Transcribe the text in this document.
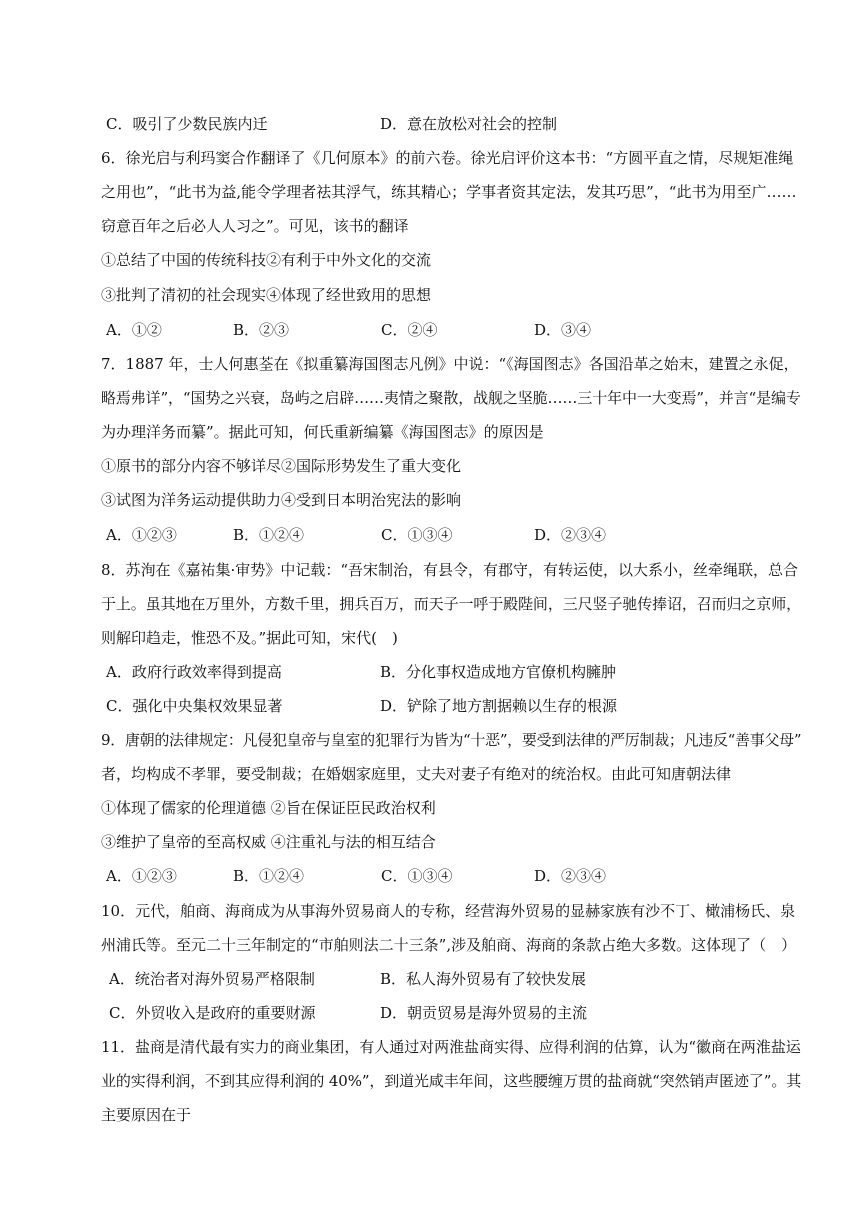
C．吸引了少数民族内迁	D．意在放松对社会的控制
6．徐光启与利玛窦合作翻译了《几何原本》的前六卷。徐光启评价这本书：“方圆平直之情，尽规矩准绳
之用也”，“此书为益,能令学理者祛其浮气，练其精心；学事者资其定法，发其巧思”，“此书为用至广……
窃意百年之后必人人习之”。可见，该书的翻译
①总结了中国的传统科技②有利于中外文化的交流
③批判了清初的社会现实④体现了经世致用的思想
A．①②	B．②③	C．②④	D．③④
7．1887 年，士人何惠荃在《拟重纂海国图志凡例》中说：“《海国图志》各国沿革之始末，建置之永促，
略焉弗详”，“国势之兴衰，岛屿之启辟……夷情之聚散，战舰之坚脆……三十年中一大变焉”，并言“是编专
为办理洋务而纂”。据此可知，何氏重新编纂《海国图志》的原因是
①原书的部分内容不够详尽②国际形势发生了重大变化
③试图为洋务运动提供助力④受到日本明治宪法的影响
A．①②③	B．①②④	C．①③④	D．②③④
8．苏洵在《嘉祐集·审势》中记载：“吾宋制治，有县令，有郡守，有转运使，以大系小，丝牵绳联，总合
于上。虽其地在万里外，方数千里，拥兵百万，而天子一呼于殿陛间，三尺竖子驰传捧诏，召而归之京师，
则解印趋走，惟恐不及。”据此可知，宋代(　)
A．政府行政效率得到提高	B．分化事权造成地方官僚机构臃肿
C．强化中央集权效果显著	D．铲除了地方割据赖以生存的根源
9．唐朝的法律规定：凡侵犯皇帝与皇室的犯罪行为皆为“十恶”，要受到法律的严厉制裁；凡违反“善事父母”
者，均构成不孝罪，要受制裁；在婚姻家庭里，丈夫对妻子有绝对的统治权。由此可知唐朝法律
①体现了儒家的伦理道德 ②旨在保证臣民政治权利
③维护了皇帝的至高权威 ④注重礼与法的相互结合
A．①②③	B．①②④	C．①③④	D．②③④
10．元代，舶商、海商成为从事海外贸易商人的专称，经营海外贸易的显赫家族有沙不丁、橄浦杨氏、泉
州浦氏等。至元二十三年制定的“市舶则法二十三条”,涉及舶商、海商的条款占绝大多数。这体现了（　）
A．统治者对海外贸易严格限制	B．私人海外贸易有了较快发展
C．外贸收入是政府的重要财源	D．朝贡贸易是海外贸易的主流
11．盐商是清代最有实力的商业集团，有人通过对两淮盐商实得、应得利润的估算，认为“徽商在两淮盐运
业的实得利润，不到其应得利润的 40%”，到道光咸丰年间，这些腰缠万贯的盐商就“突然销声匿迹了”。其
主要原因在于
